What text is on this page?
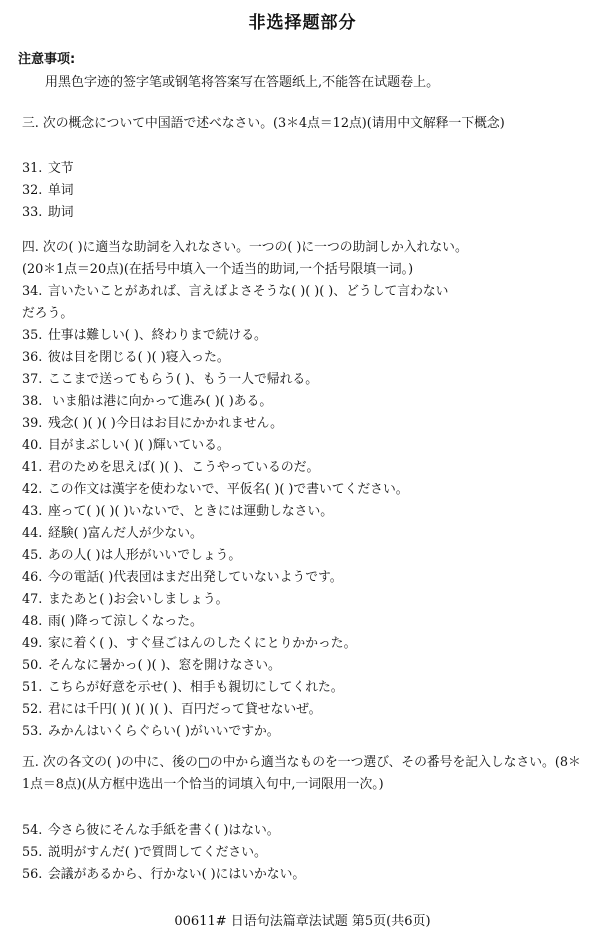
非选择题部分
注意事项:
用黑色字迹的签字笔或钢笔将答案写在答题纸上,不能答在试题卷上。
三. 次の概念について中国語で述べなさい。(3＊4点＝12点)(请用中文解释一下概念)
31. 文节
32. 单词
33. 助词
四. 次の( )に適当な助詞を入れなさい。一つの( )に一つの助詞しか入れない。
(20＊1点＝20点)(在括号中填入一个适当的助词,一个括号限填一词。)
34. 言いたいことがあれば、言えばよさそうな( )( )( )、どうして言わない
だろう。
35. 仕事は難しい( )、終わりまで続ける。
36. 彼は目を閉じる( )( )寝入った。
37. ここまで送ってもらう( )、もう一人で帰れる。
38. いま船は港に向かって進み( )( )ある。
39. 残念( )( )( )今日はお目にかかれません。
40. 目がまぶしい( )( )輝いている。
41. 君のためを思えば( )( )、こうやっているのだ。
42. この作文は漢字を使わないで、平仮名( )( )で書いてください。
43. 座って( )( )( )いないで、ときには運動しなさい。
44. 経験( )富んだ人が少ない。
45. あの人( )は人形がいいでしょう。
46. 今の電話( )代表団はまだ出発していないようです。
47. またあと( )お会いしましょう。
48. 雨( )降って涼しくなった。
49. 家に着く( )、すぐ昼ごはんのしたくにとりかかった。
50. そんなに暑かっ( )( )、窓を開けなさい。
51. こちらが好意を示せ( )、相手も親切にしてくれた。
52. 君には千円( )( )( )( )、百円だって貸せないぜ。
53. みかんはいくらぐらい( )がいいですか。
五. 次の各文の( )の中に、後の□の中から適当なものを一つ選び、その番号を記入しなさい。(8＊1点＝8点)(从方框中选出一个恰当的词填入句中,一词限用一次。)
54. 今さら彼にそんな手紙を書く( )はない。
55. 説明がすんだ( )で質問してください。
56. 会議があるから、行かない( )にはいかない。
00611# 日语句法篇章法试题 第5页(共6页)
